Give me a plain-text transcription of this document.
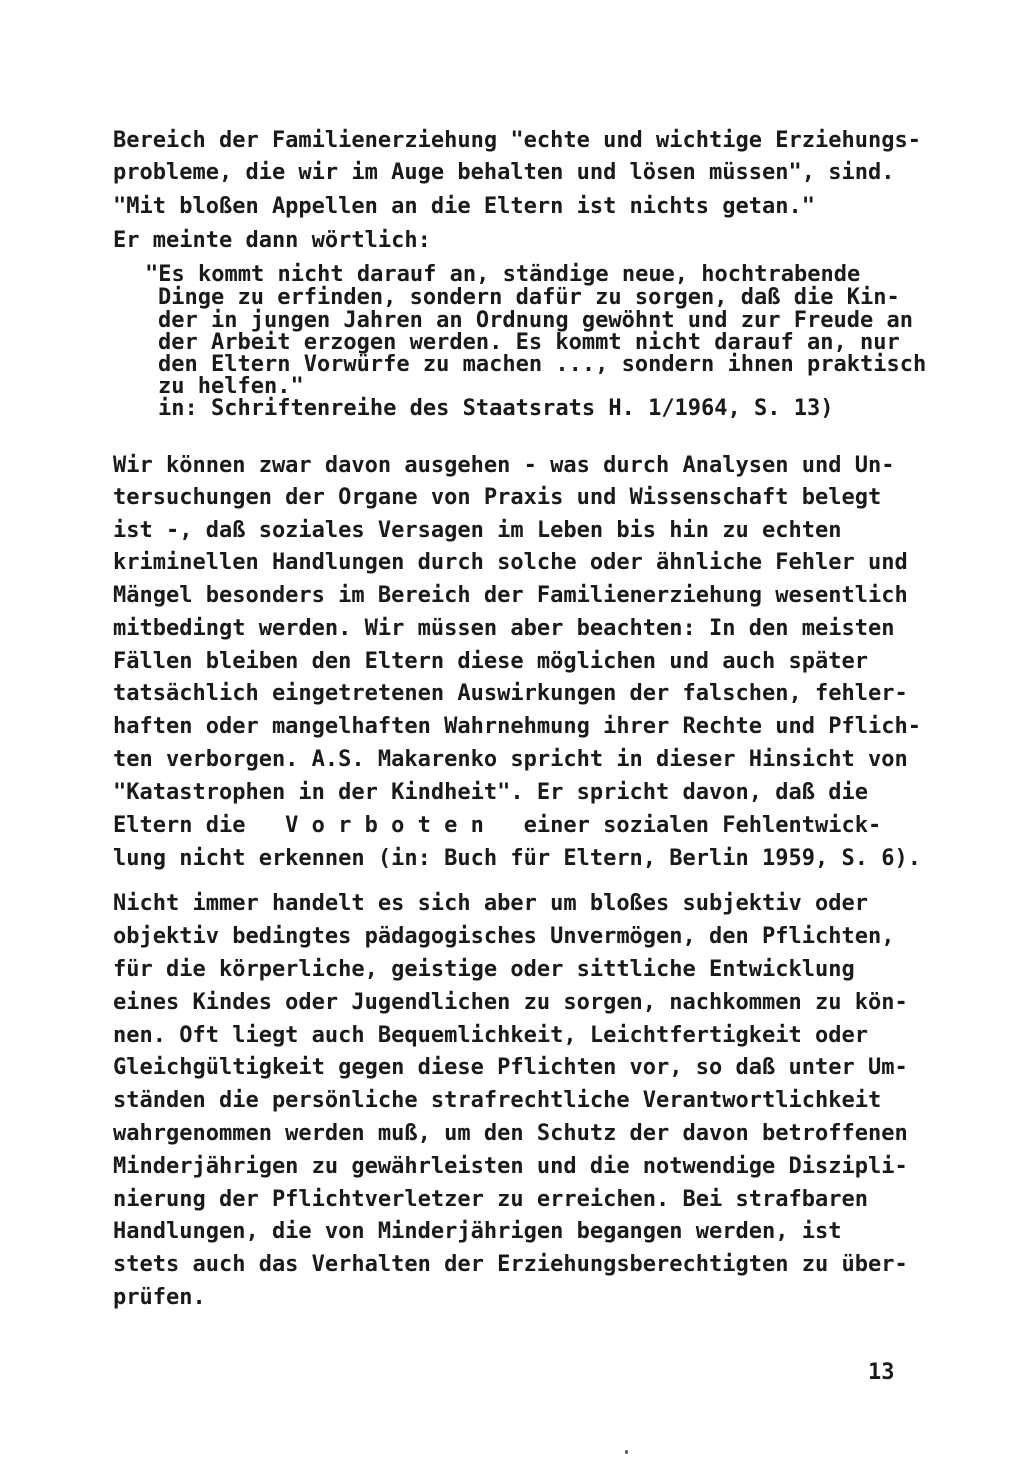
Bereich der Familienerziehung "echte und wichtige Erziehungs-
probleme, die wir im Auge behalten und lösen müssen", sind.
"Mit bloßen Appellen an die Eltern ist nichts getan."
Er meinte dann wörtlich:
"Es kommt nicht darauf an, ständige neue, hochtrabende
Dinge zu erfinden, sondern dafür zu sorgen, daß die Kin-
der in jungen Jahren an Ordnung gewöhnt und zur Freude an
der Arbeit erzogen werden. Es kommt nicht darauf an, nur
den Eltern Vorwürfe zu machen ..., sondern ihnen praktisch
zu helfen."
in: Schriftenreihe des Staatsrats H. 1/1964, S. 13)
Wir können zwar davon ausgehen - was durch Analysen und Un-
tersuchungen der Organe von Praxis und Wissenschaft belegt
ist -, daß soziales Versagen im Leben bis hin zu echten
kriminellen Handlungen durch solche oder ähnliche Fehler und
Mängel besonders im Bereich der Familienerziehung wesentlich
mitbedingt werden. Wir müssen aber beachten: In den meisten
Fällen bleiben den Eltern diese möglichen und auch später
tatsächlich eingetretenen Auswirkungen der falschen, fehler-
haften oder mangelhaften Wahrnehmung ihrer Rechte und Pflich-
ten verborgen. A.S. Makarenko spricht in dieser Hinsicht von
"Katastrophen in der Kindheit". Er spricht davon, daß die
Eltern die   V o r b o t e n   einer sozialen Fehlentwick-
lung nicht erkennen (in: Buch für Eltern, Berlin 1959, S. 6).
Nicht immer handelt es sich aber um bloßes subjektiv oder
objektiv bedingtes pädagogisches Unvermögen, den Pflichten,
für die körperliche, geistige oder sittliche Entwicklung
eines Kindes oder Jugendlichen zu sorgen, nachkommen zu kön-
nen. Oft liegt auch Bequemlichkeit, Leichtfertigkeit oder
Gleichgültigkeit gegen diese Pflichten vor, so daß unter Um-
ständen die persönliche strafrechtliche Verantwortlichkeit
wahrgenommen werden muß, um den Schutz der davon betroffenen
Minderjährigen zu gewährleisten und die notwendige Diszipli-
nierung der Pflichtverletzer zu erreichen. Bei strafbaren
Handlungen, die von Minderjährigen begangen werden, ist
stets auch das Verhalten der Erziehungsberechtigten zu über-
prüfen.
13
